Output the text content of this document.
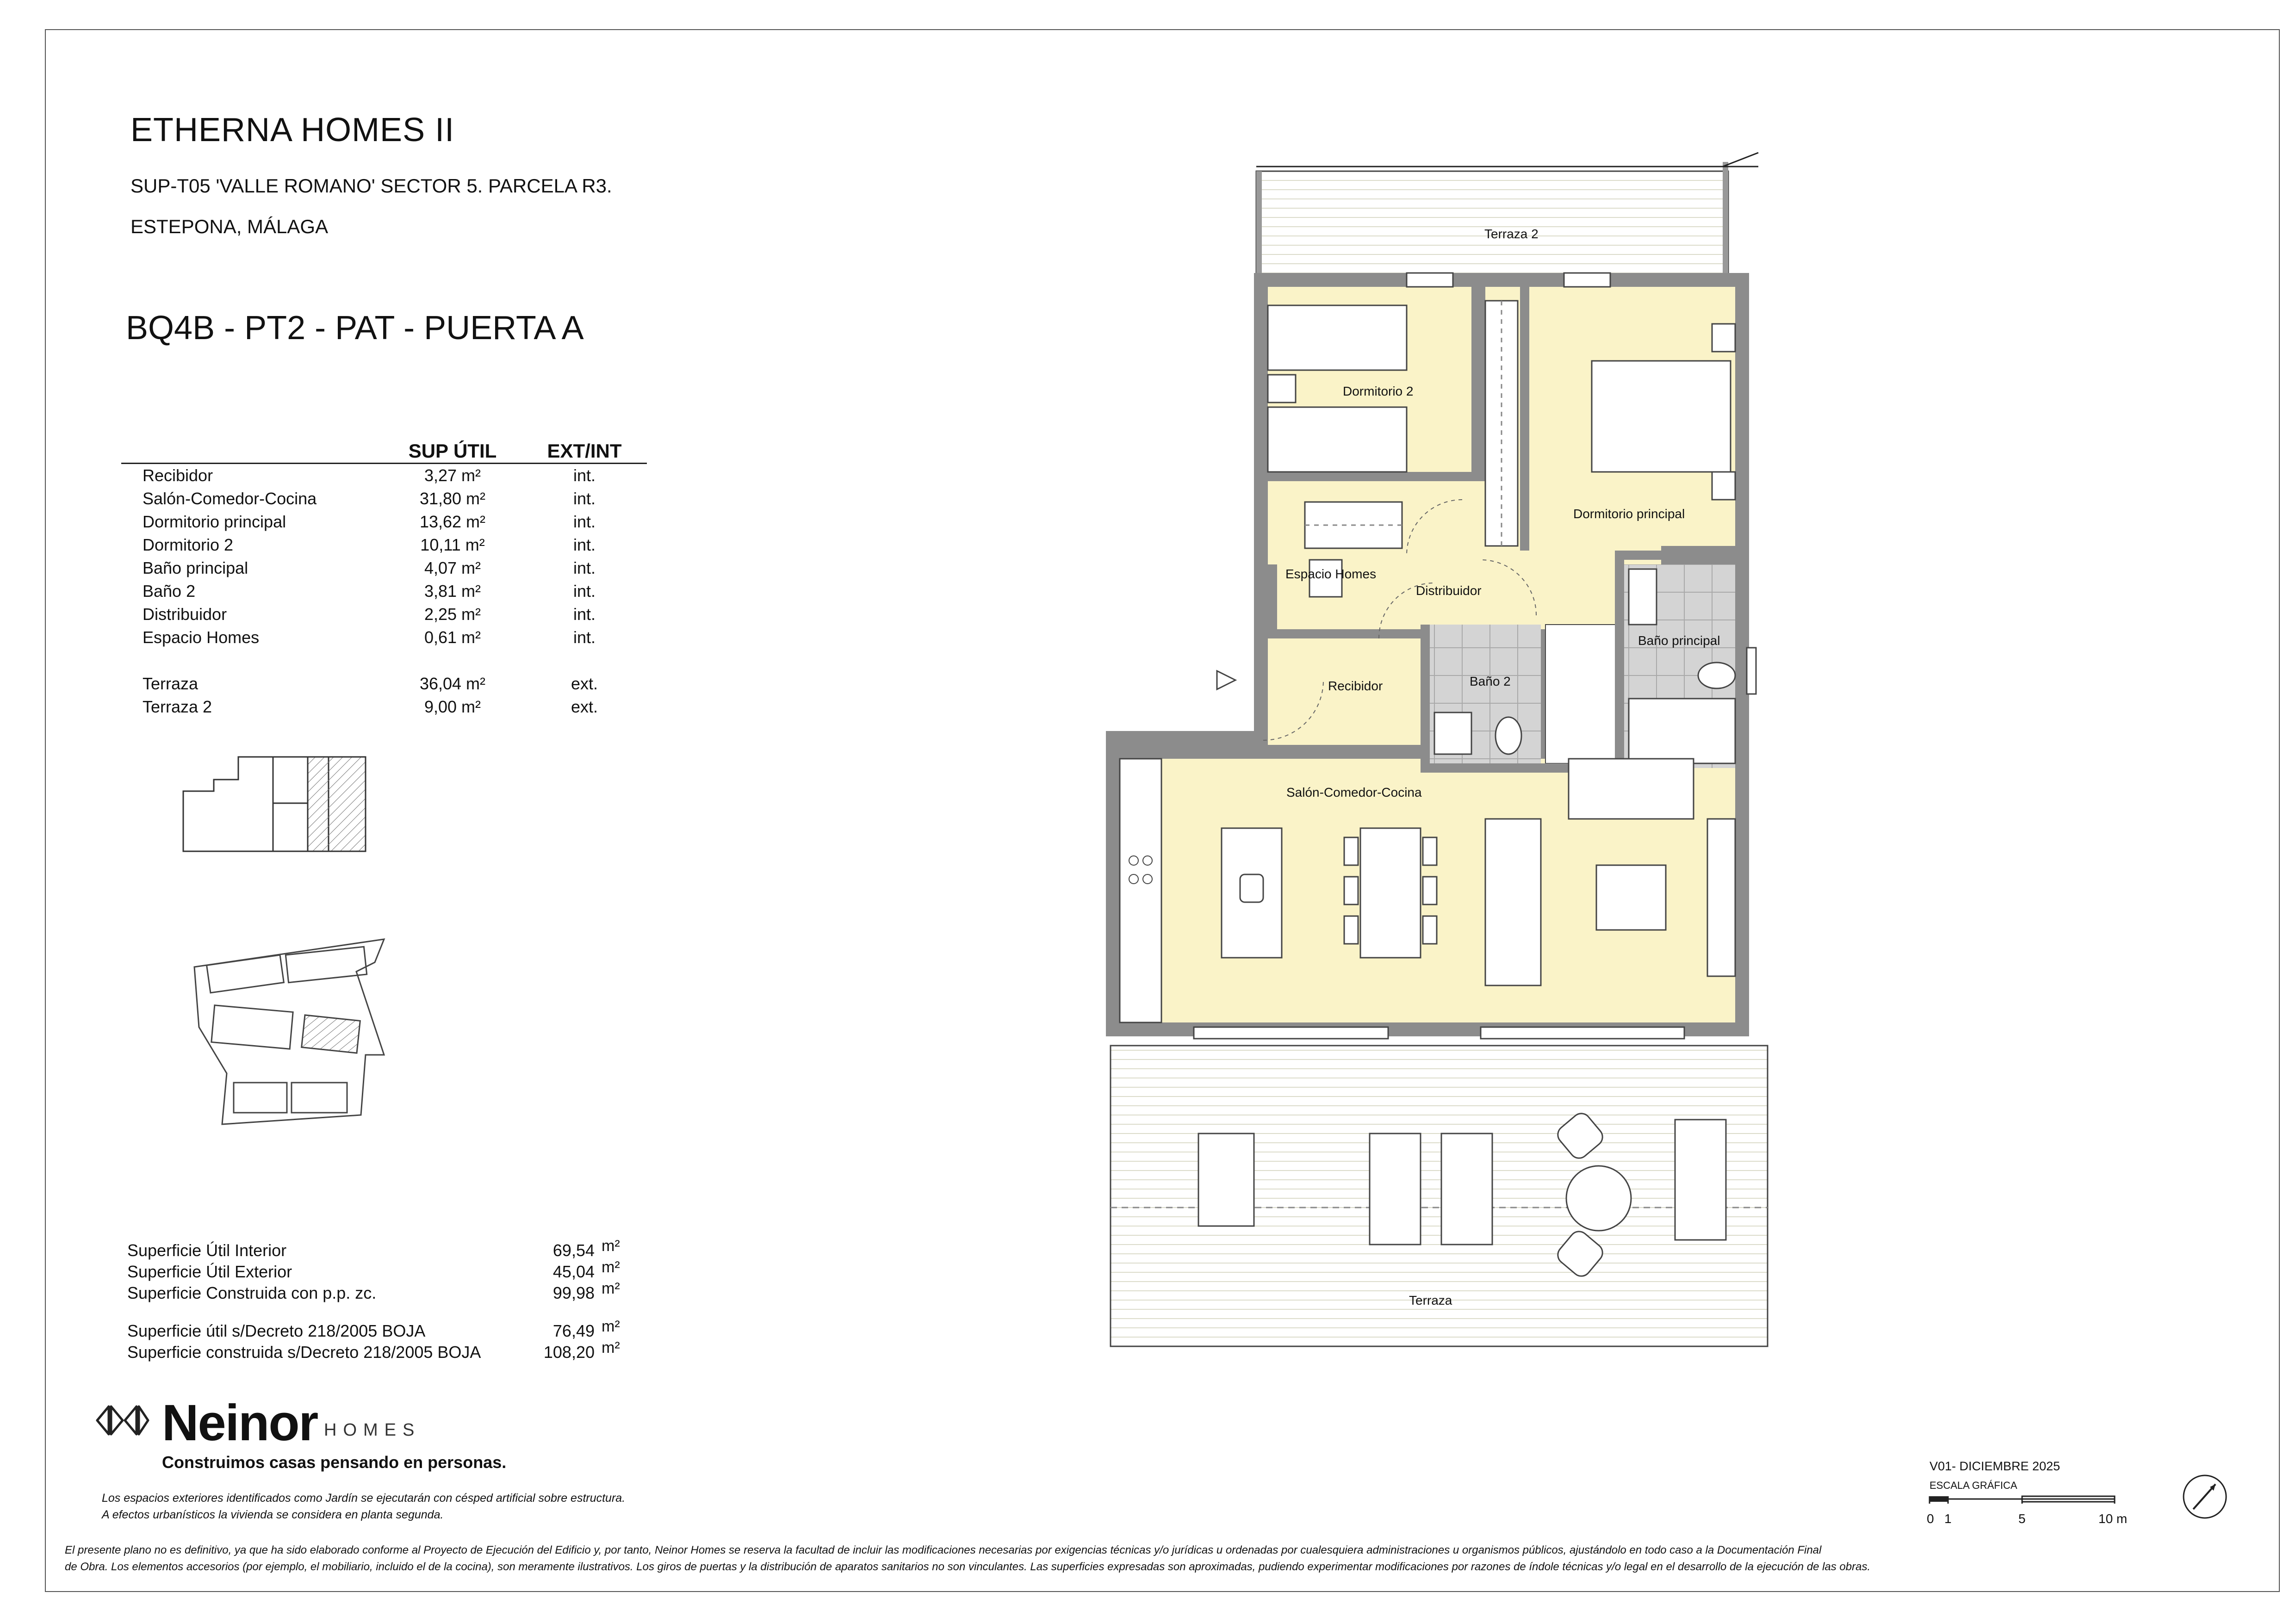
ETHERNA HOMES II
SUP-T05 'VALLE ROMANO' SECTOR 5. PARCELA R3.
ESTEPONA, MÁLAGA
BQ4B - PT2 - PAT - PUERTA A
	SUP ÚTIL	EXT/INT
Recibidor	3,27 m²	int.
Salón-Comedor-Cocina	31,80 m²	int.
Dormitorio principal	13,62 m²	int.
Dormitorio 2	10,11 m²	int.
Baño principal	4,07 m²	int.
Baño 2	3,81 m²	int.
Distribuidor	2,25 m²	int.
Espacio Homes	0,61 m²	int.

Terraza	36,04 m²	ext.
Terraza 2	9,00 m²	ext.
Superficie Útil Interior	69,54 m²
Superficie Útil Exterior	45,04 m²
Superficie Construida con p.p. zc.	99,98 m²
Superficie útil s/Decreto 218/2005 BOJA	76,49 m²
Superficie construida s/Decreto 218/2005 BOJA	108,20 m²
Neinor HOMES
Construimos casas pensando en personas.
Los espacios exteriores identificados como Jardín se ejecutarán con césped artificial sobre estructura.
A efectos urbanísticos la vivienda se considera en planta segunda.
El presente plano no es definitivo, ya que ha sido elaborado conforme al Proyecto de Ejecución del Edificio y, por tanto, Neinor Homes se reserva la facultad de incluir las modificaciones necesarias por exigencias técnicas y/o jurídicas u ordenadas por cualesquiera administraciones u organismos públicos, ajustándolo en todo caso a la Documentación Final
de Obra. Los elementos accesorios (por ejemplo, el mobiliario, incluido el de la cocina), son meramente ilustrativos. Los giros de puertas y la distribución de aparatos sanitarios no son vinculantes. Las superficies expresadas son aproximadas, pudiendo experimentar modificaciones por razones de índole técnicas y/o legal en el desarrollo de la ejecución de las obras.
V01- DICIEMBRE 2025
ESCALA GRÁFICA
0 1	5	10 m
Terraza 2
Dormitorio 2
Dormitorio principal
Espacio Homes
Distribuidor
Baño principal
Baño 2
Recibidor
Salón-Comedor-Cocina
Terraza
